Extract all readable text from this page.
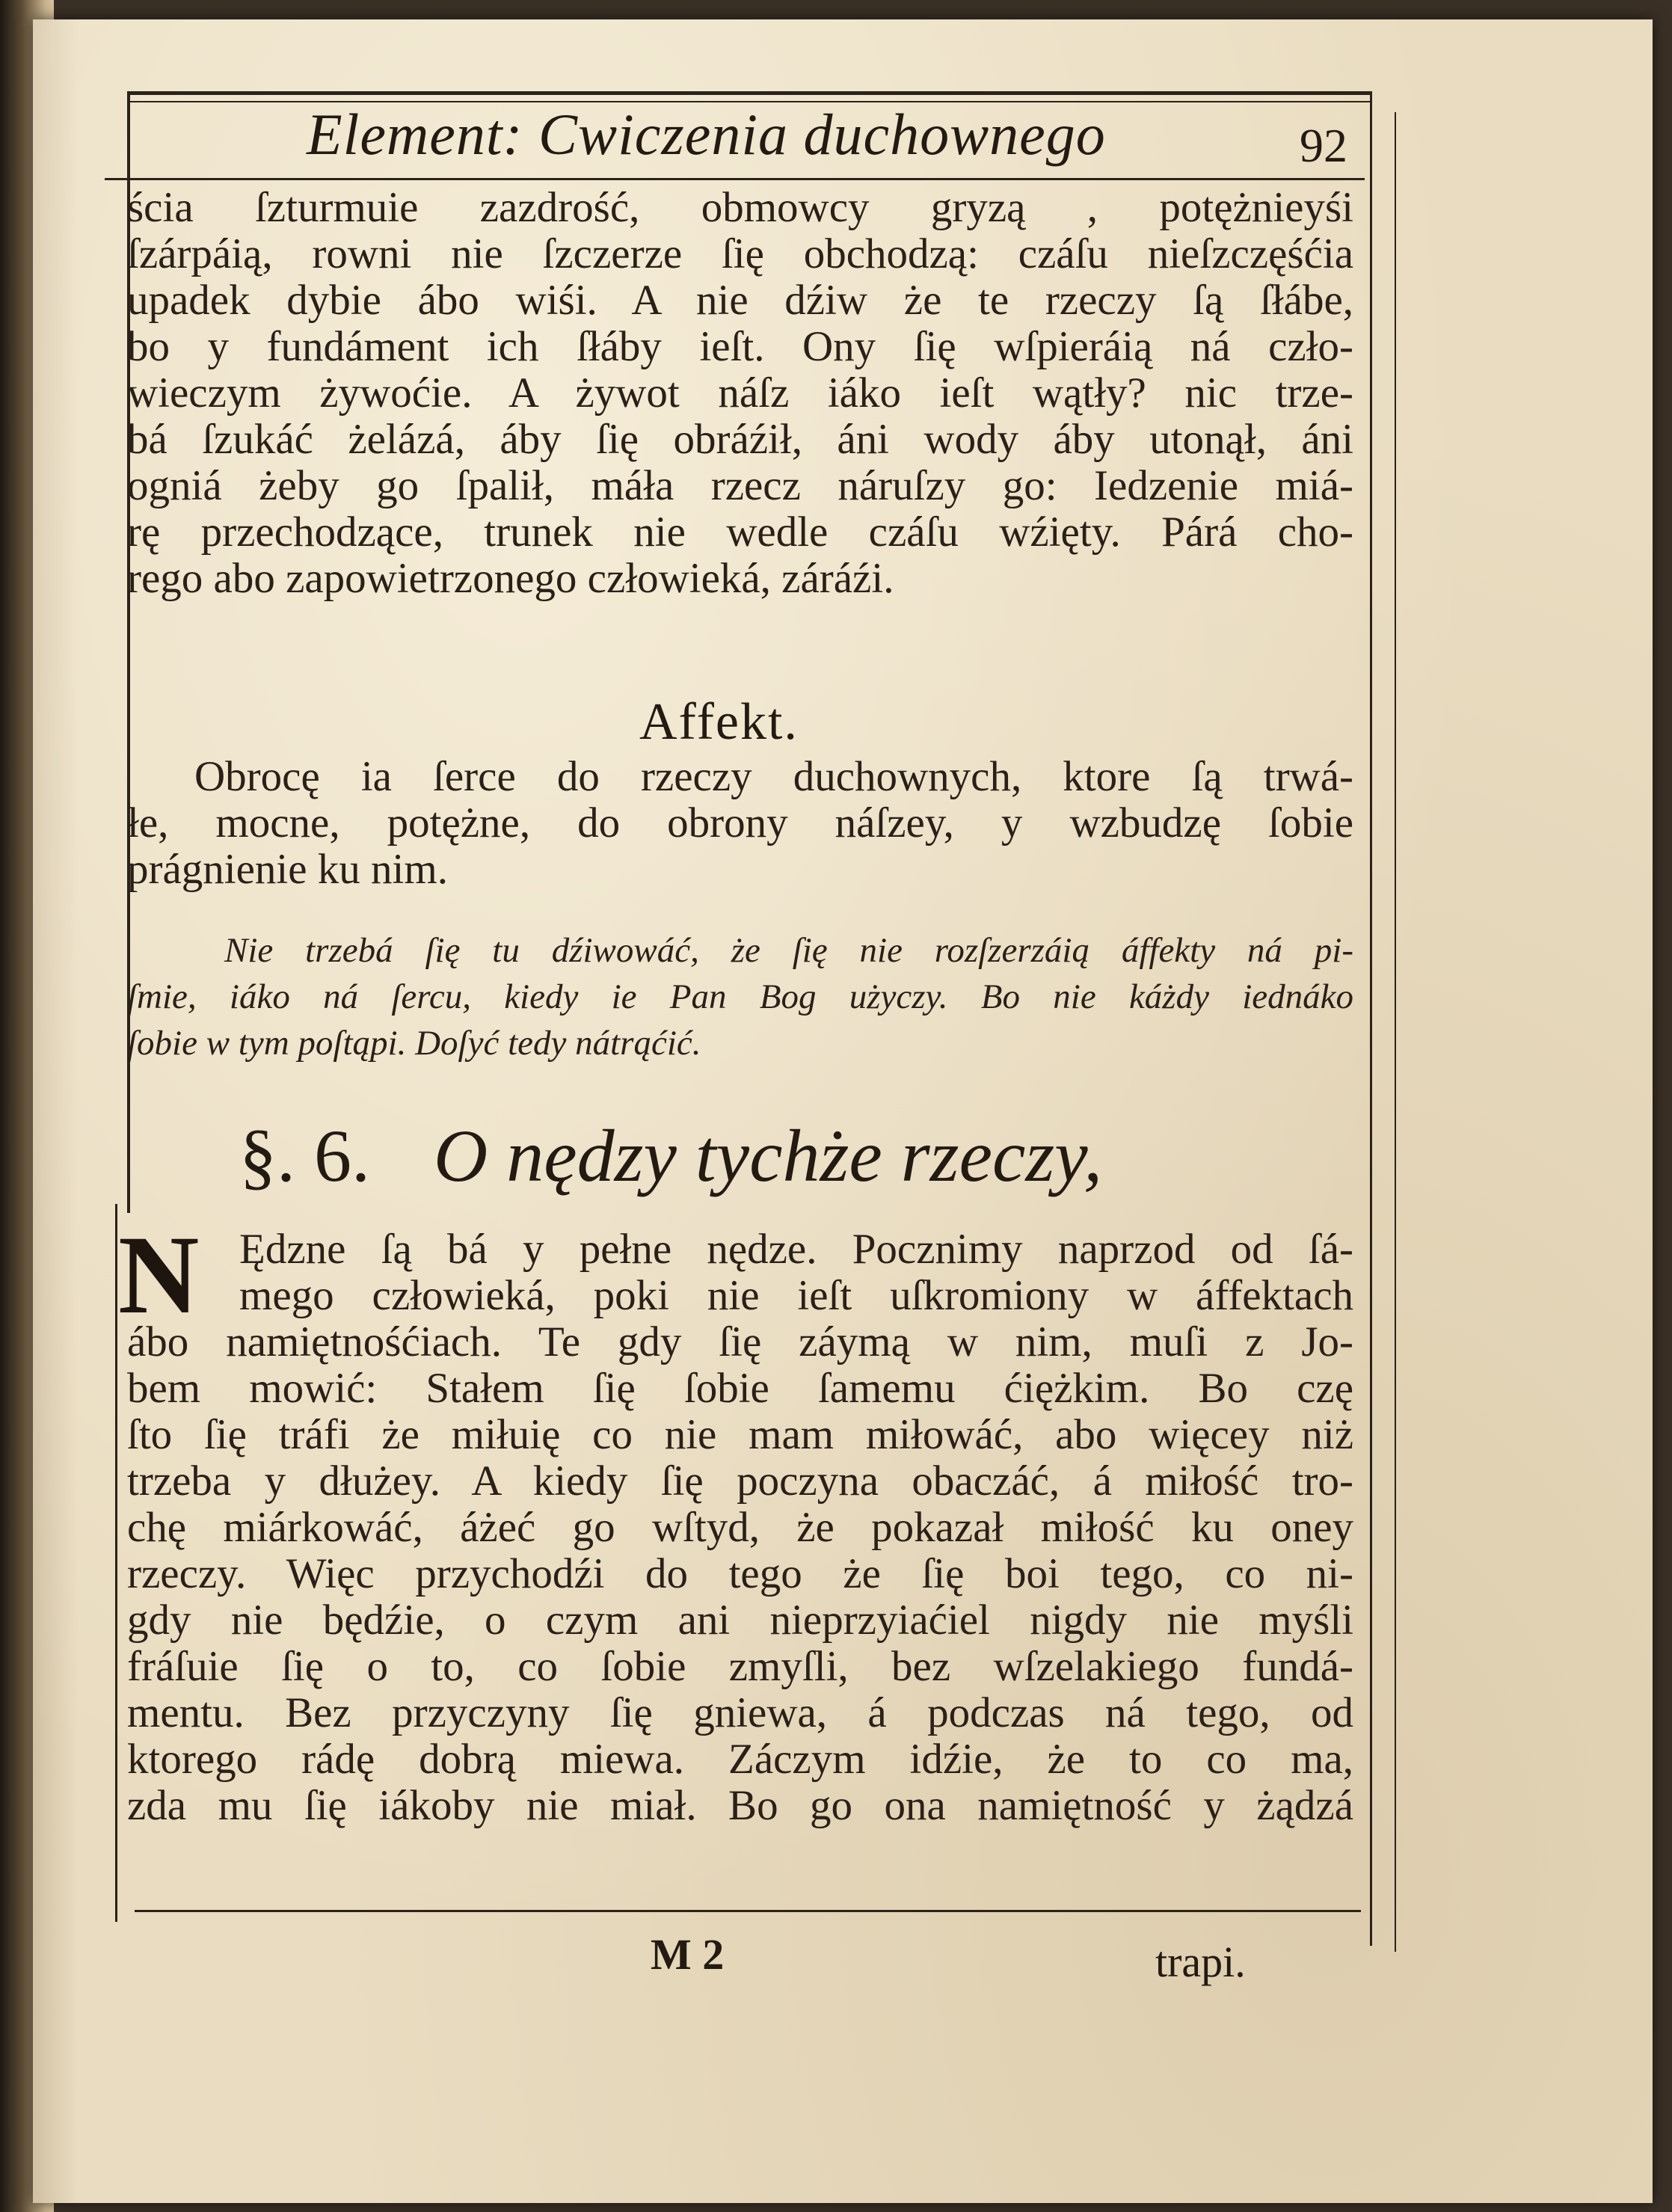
Element: Cwiczenia duchownego	92
ścia ſzturmuie zazdrość, obmowcy gryzą , potężnieyśi
ſzárpáią, rowni nie ſzczerze ſię obchodzą: czáſu nieſzczęśćia
upadek dybie ábo wiśi. A nie dźiw że te rzeczy ſą ſłábe,
bo y fundáment ich ſłáby ieſt. Ony ſię wſpieráią ná czło-
wieczym żywoćie. A żywot náſz iáko ieſt wątły? nic trze-
bá ſzukáć żelázá, áby ſię obráźił, áni wody áby utonął, áni
ogniá żeby go ſpalił, máła rzecz náruſzy go: Iedzenie miá-
rę przechodzące, trunek nie wedle czáſu wźięty. Párá cho-
rego abo zapowietrzonego człowieká, záráźi.
Affekt.
Obrocę ia ſerce do rzeczy duchownych, ktore ſą trwá-
łe, mocne, potężne, do obrony náſzey, y wzbudzę ſobie
prágnienie ku nim.
Nie trzebá ſię tu dźiwowáć, że ſię nie rozſzerzáią áffekty ná pi-
ſmie, iáko ná ſercu, kiedy ie Pan Bog użyczy. Bo nie káżdy iednáko
ſobie w tym poſtąpi. Doſyć tedy nátrąćić.
§. 6. O nędzy tychże rzeczy,
N Ędzne ſą bá y pełne nędze. Pocznimy naprzod od ſá-
mego człowieká, poki nie ieſt uſkromiony w áffektach
ábo namiętnośćiach. Te gdy ſię záymą w nim, muſi z Jo-
bem mowić: Stałem ſię ſobie ſamemu ćiężkim. Bo czę
ſto ſię tráfi że miłuię co nie mam miłowáć, abo więcey niż
trzeba y dłużey. A kiedy ſię poczyna obaczáć, á miłość tro-
chę miárkowáć, áżeć go wſtyd, że pokazał miłość ku oney
rzeczy. Więc przychodźi do tego że ſię boi tego, co ni-
gdy nie będźie, o czym ani nieprzyiaćiel nigdy nie myśli
fráſuie ſię o to, co ſobie zmyſli, bez wſzelakiego fundá-
mentu. Bez przyczyny ſię gniewa, á podczas ná tego, od
ktorego rádę dobrą miewa. Záczym idźie, że to co ma,
zda mu ſię iákoby nie miał. Bo go ona namiętność y żądzá
M 2	trapi.
